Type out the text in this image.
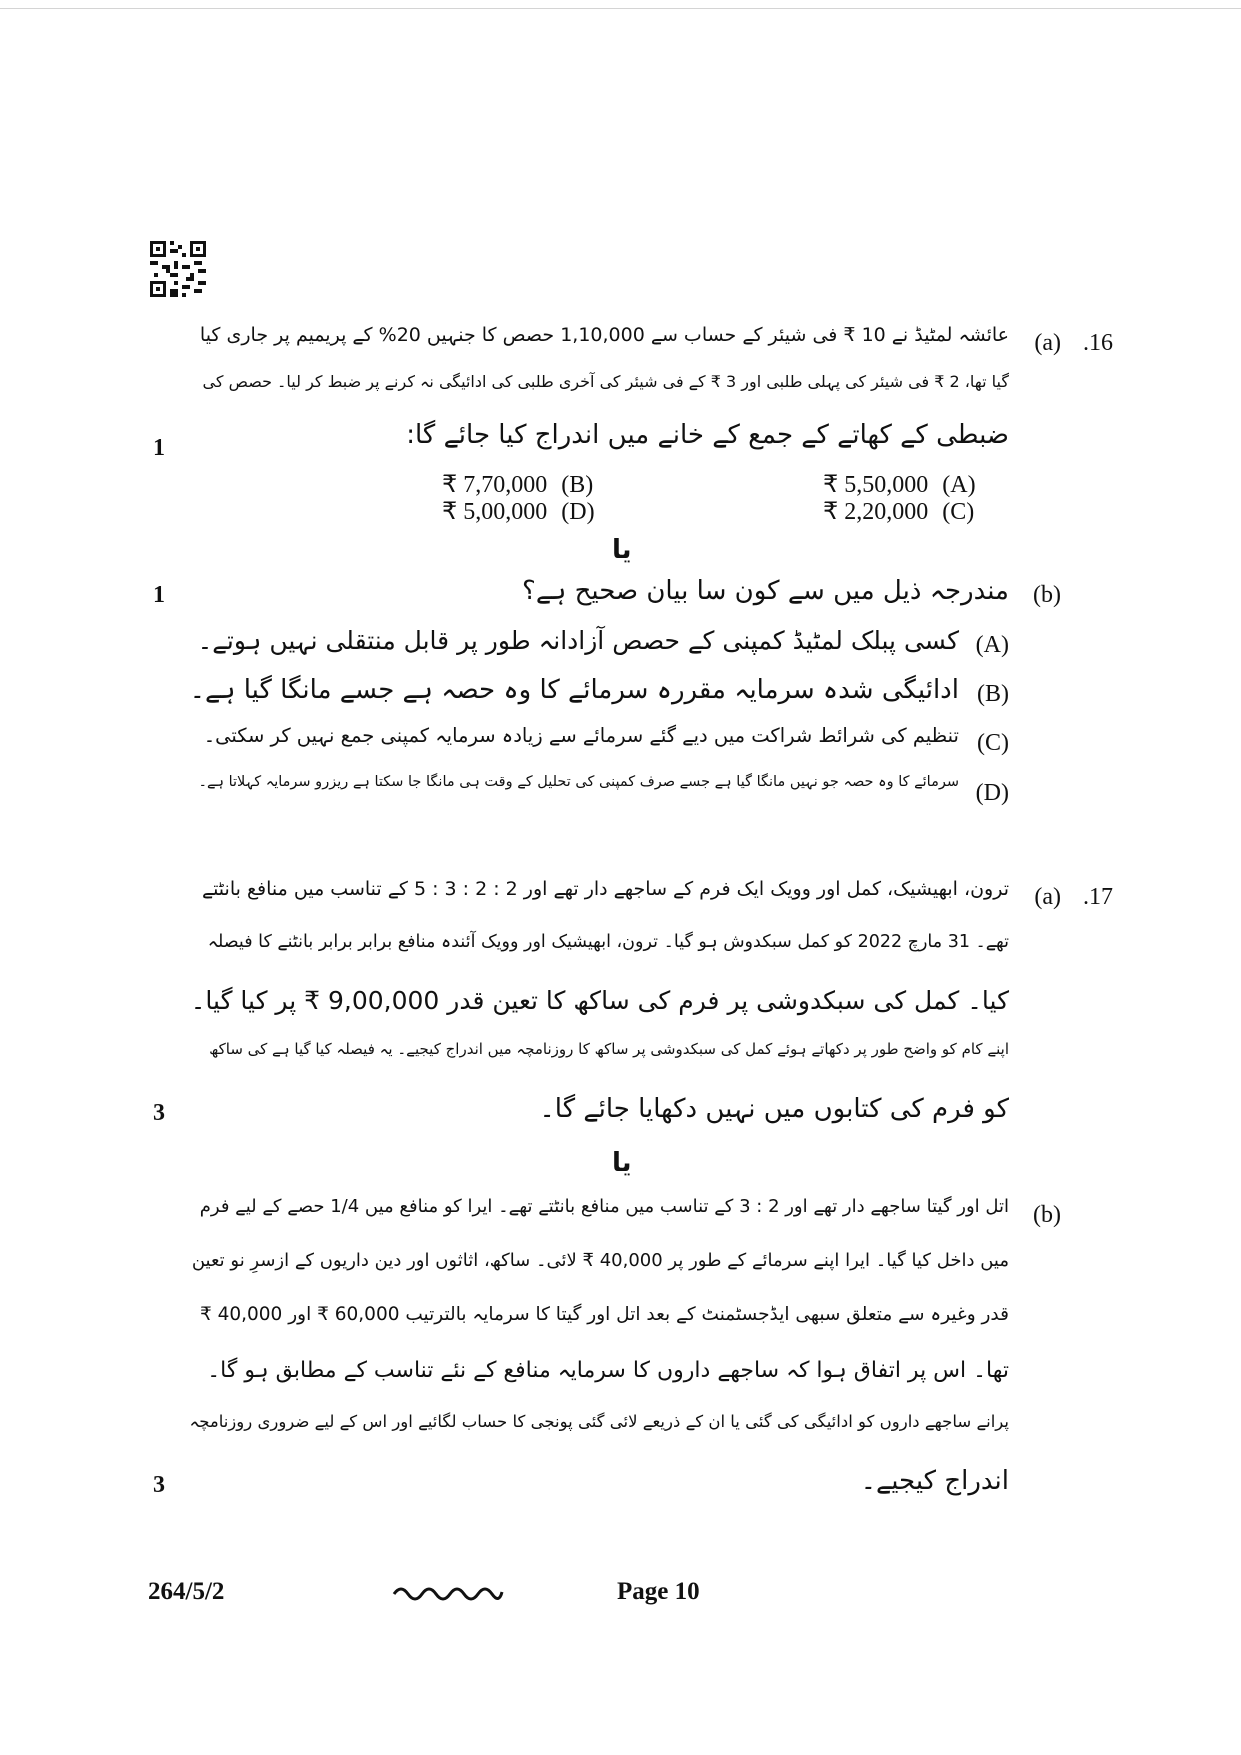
.16
(a)
عائشہ لمٹیڈ نے 10 ₹ فی شیئر کے حساب سے 1,10,000 حصص کا جنہیں 20% کے پریمیم پر جاری کیا
گیا تھا، 2 ₹ فی شیئر کی پہلی طلبی اور 3 ₹ کے فی شیئر کی آخری طلبی کی ادائیگی نہ کرنے پر ضبط کر لیا۔ حصص کی
ضبطی کے کھاتے کے جمع کے خانے میں اندراج کیا جائے گا:
1
₹ 5,50,000 (A)
₹ 7,70,000 (B)
₹ 2,20,000 (C)
₹ 5,00,000 (D)
یا
(b)
مندرجہ ذیل میں سے کون سا بیان صحیح ہے؟
1
(A)
کسی پبلک لمٹیڈ کمپنی کے حصص آزادانہ طور پر قابل منتقلی نہیں ہوتے۔
(B)
ادائیگی شدہ سرمایہ مقررہ سرمائے کا وہ حصہ ہے جسے مانگا گیا ہے۔
(C)
تنظیم کی شرائط شراکت میں دیے گئے سرمائے سے زیادہ سرمایہ کمپنی جمع نہیں کر سکتی۔
(D)
سرمائے کا وہ حصہ جو نہیں مانگا گیا ہے جسے صرف کمپنی کی تحلیل کے وقت ہی مانگا جا سکتا ہے ریزرو سرمایہ کہلاتا ہے۔
.17
(a)
ترون، ابھیشیک، کمل اور وویک ایک فرم کے ساجھے دار تھے اور 2 : 2 : 3 : 5 کے تناسب میں منافع بانٹتے
تھے۔ 31 مارچ 2022 کو کمل سبکدوش ہو گیا۔ ترون، ابھیشیک اور وویک آئندہ منافع برابر برابر بانٹنے کا فیصلہ
کیا۔ کمل کی سبکدوشی پر فرم کی ساکھ کا تعین قدر 9,00,000 ₹ پر کیا گیا۔
اپنے کام کو واضح طور پر دکھاتے ہوئے کمل کی سبکدوشی پر ساکھ کا روزنامچہ میں اندراج کیجیے۔ یہ فیصلہ کیا گیا ہے کی ساکھ
کو فرم کی کتابوں میں نہیں دکھایا جائے گا۔
3
یا
(b)
اتل اور گیتا ساجھے دار تھے اور 2 : 3 کے تناسب میں منافع بانٹتے تھے۔ ایرا کو منافع میں 1/4 حصے کے لیے فرم
میں داخل کیا گیا۔ ایرا اپنے سرمائے کے طور پر 40,000 ₹ لائی۔ ساکھ، اثاثوں اور دین داریوں کے ازسرِ نو تعین
قدر وغیرہ سے متعلق سبھی ایڈجسٹمنٹ کے بعد اتل اور گیتا کا سرمایہ بالترتیب 60,000 ₹ اور 40,000 ₹
تھا۔ اس پر اتفاق ہوا کہ ساجھے داروں کا سرمایہ منافع کے نئے تناسب کے مطابق ہو گا۔
پرانے ساجھے داروں کو ادائیگی کی گئی یا ان کے ذریعے لائی گئی پونجی کا حساب لگائیے اور اس کے لیے ضروری روزنامچہ
اندراج کیجیے۔
3
264/5/2	Page 10
